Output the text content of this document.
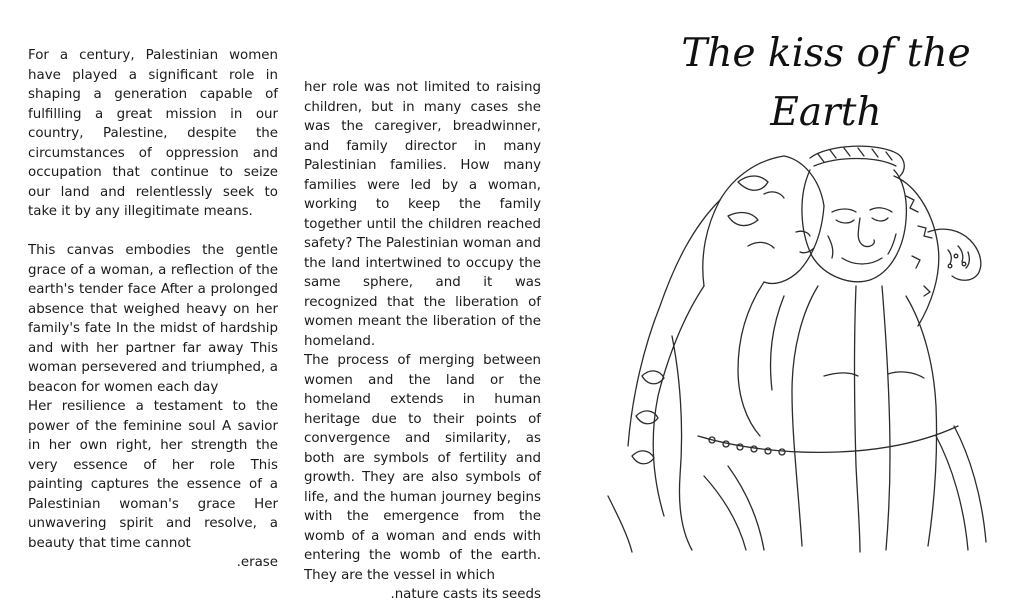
For a century, Palestinian women have played a significant role in shaping a generation capable of fulfilling a great mission in our country, Palestine, despite the circumstances of oppression and occupation that continue to seize our land and relentlessly seek to take it by any illegitimate means.

This canvas embodies the gentle grace of a woman, a reflection of the earth's tender face After a prolonged absence that weighed heavy on her family's fate In the midst of hardship and with her partner far away This woman persevered and triumphed, a beacon for women each day

Her resilience a testament to the power of the feminine soul A savior in her own right, her strength the very essence of her role This painting captures the essence of a Palestinian woman's grace Her unwavering spirit and resolve, a beauty that time cannot

.erase

her role was not limited to raising children, but in many cases she was the caregiver, breadwinner, and family director in many Palestinian families. How many families were led by a woman, working to keep the family together until the children reached safety? The Palestinian woman and the land intertwined to occupy the same sphere, and it was recognized that the liberation of women meant the liberation of the homeland.

The process of merging between women and the land or the homeland extends in human heritage due to their points of convergence and similarity, as both are symbols of fertility and growth. They are also symbols of life, and the human journey begins with the emergence from the womb of a woman and ends with entering the womb of the earth. They are the vessel in which

.nature casts its seeds

The kiss of the
Earth
